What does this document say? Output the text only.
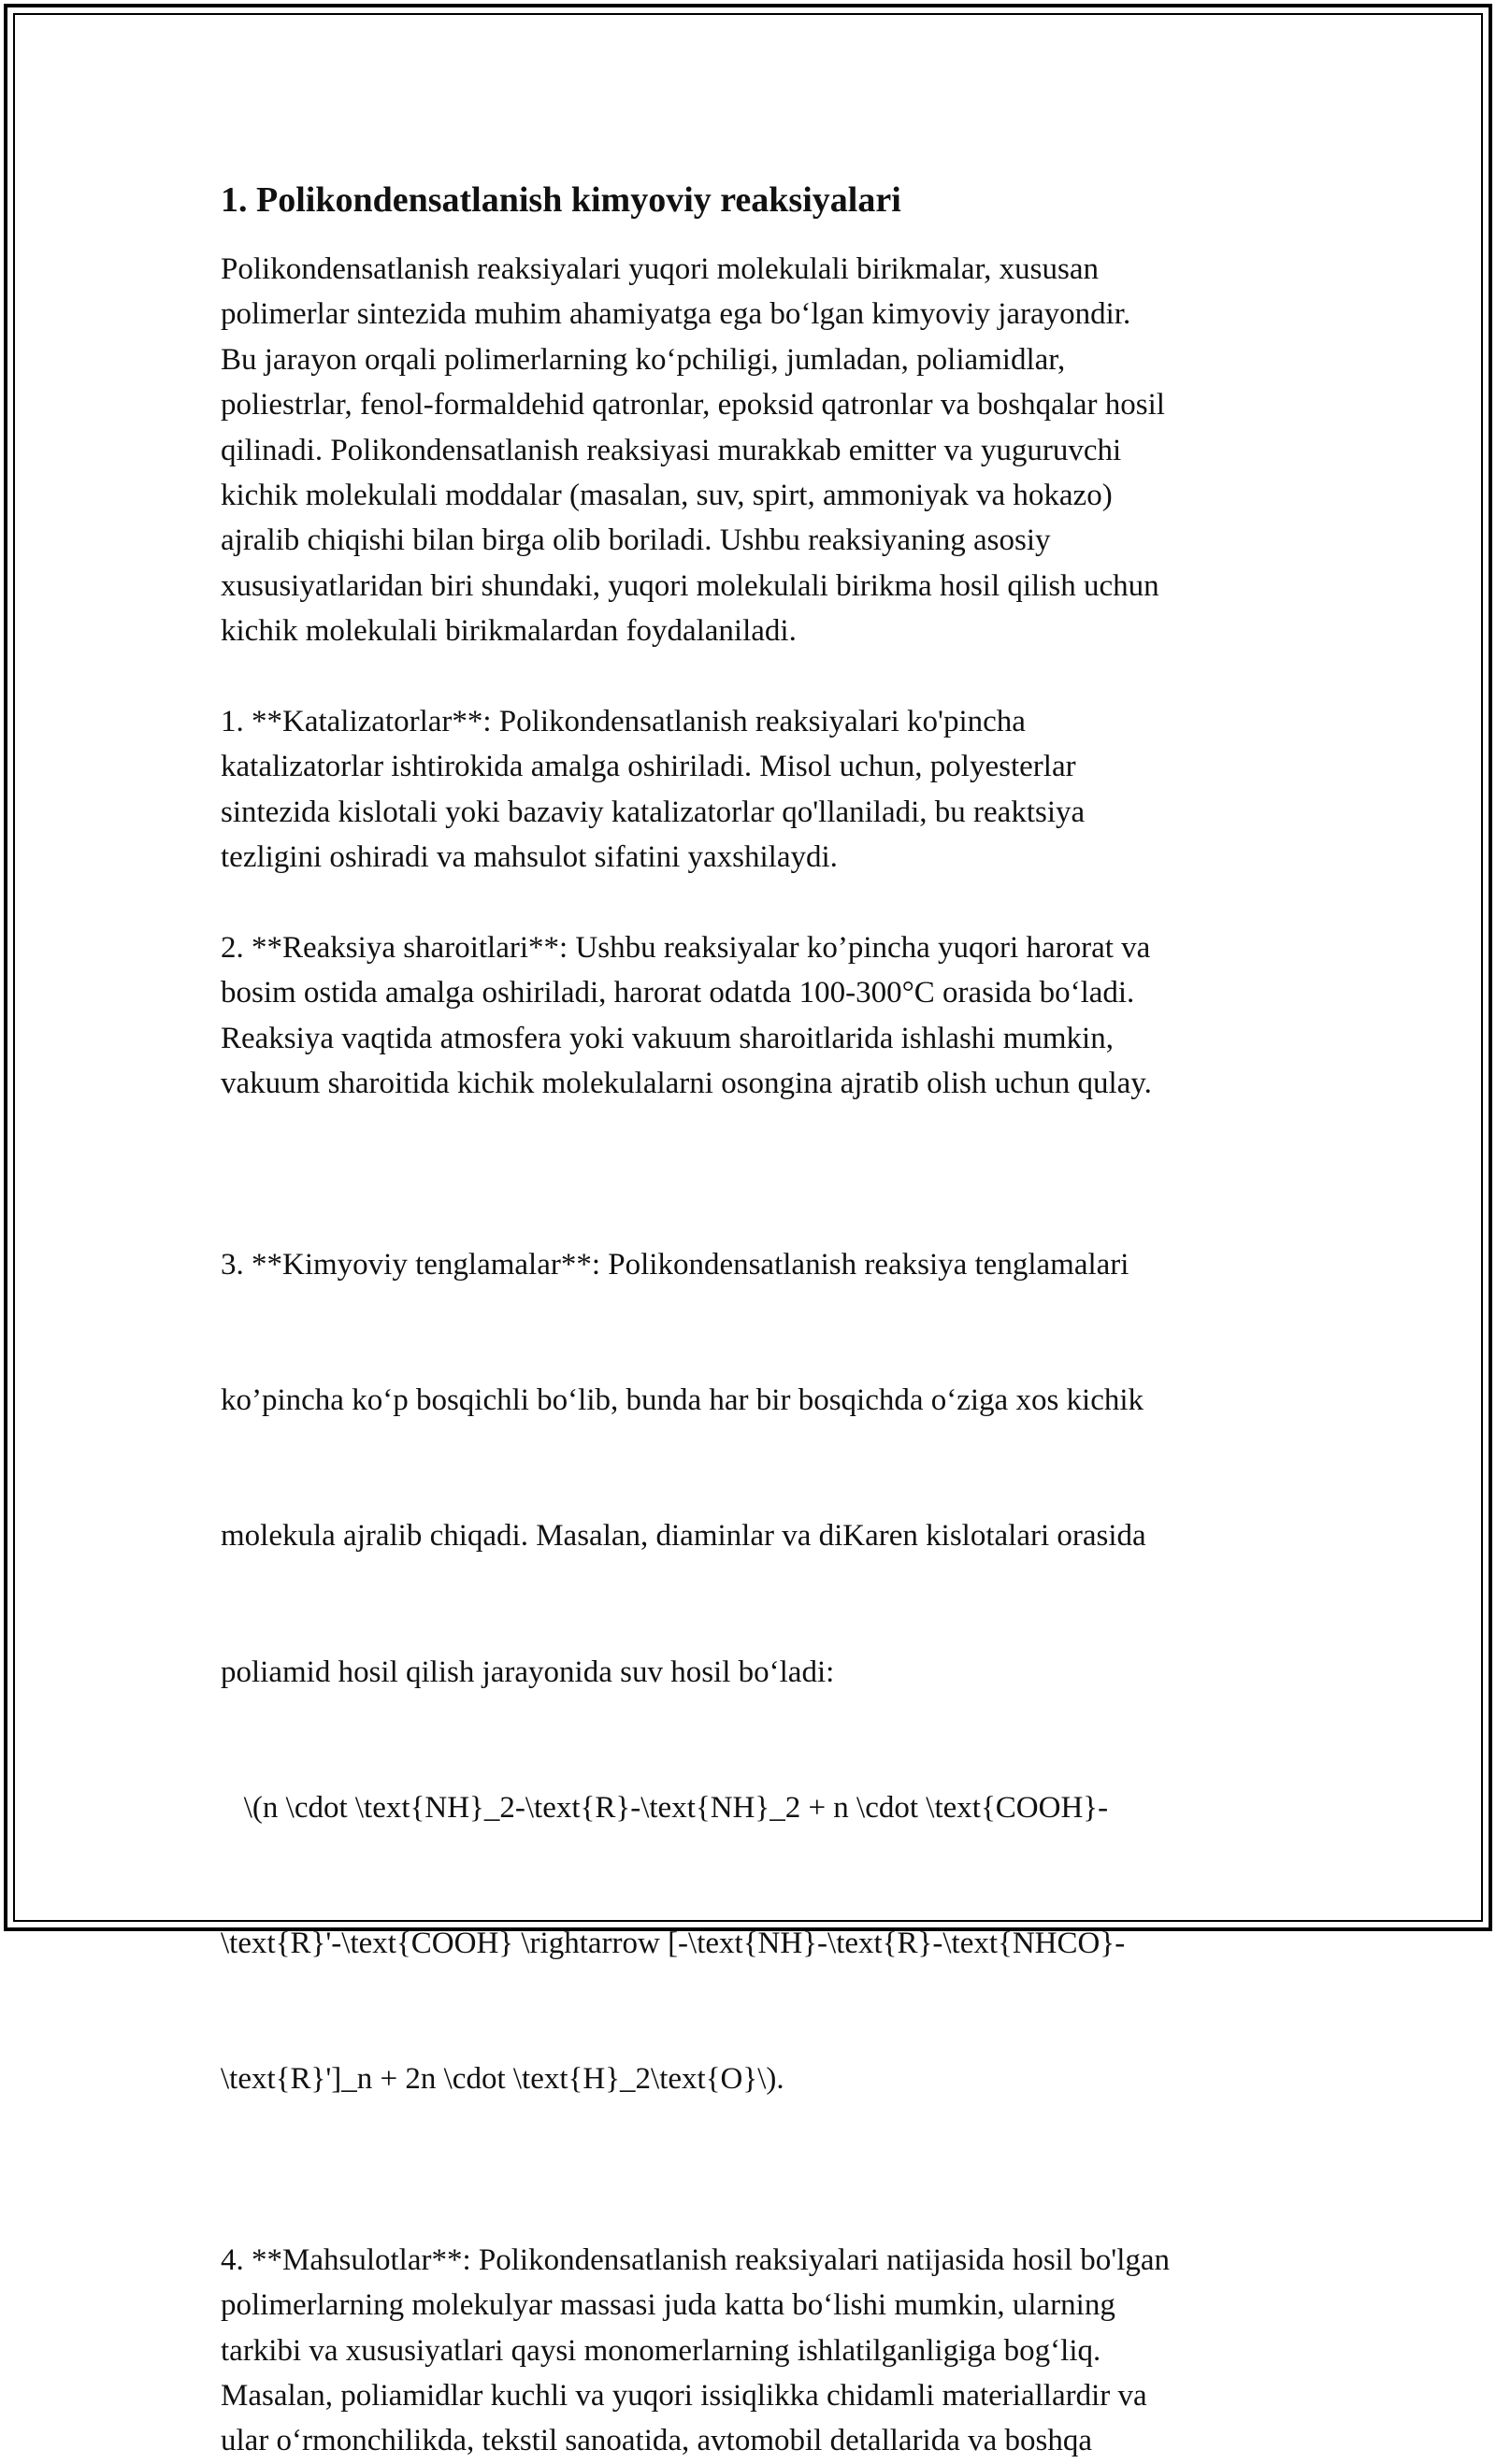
1. Polikondensatlanish kimyoviy reaksiyalari

Polikondensatlanish reaksiyalari yuqori molekulali birikmalar, xususan
polimerlar sintezida muhim ahamiyatga ega bo‘lgan kimyoviy jarayondir.
Bu jarayon orqali polimerlarning ko‘pchiligi, jumladan, poliamidlar,
poliestrlar, fenol-formaldehid qatronlar, epoksid qatronlar va boshqalar hosil
qilinadi. Polikondensatlanish reaksiyasi murakkab emitter va yuguruvchi
kichik molekulali moddalar (masalan, suv, spirt, ammoniyak va hokazo)
ajralib chiqishi bilan birga olib boriladi. Ushbu reaksiyaning asosiy
xususiyatlaridan biri shundaki, yuqori molekulali birikma hosil qilish uchun
kichik molekulali birikmalardan foydalaniladi.

1. **Katalizatorlar**: Polikondensatlanish reaksiyalari ko'pincha
katalizatorlar ishtirokida amalga oshiriladi. Misol uchun, polyesterlar
sintezida kislotali yoki bazaviy katalizatorlar qo'llaniladi, bu reaktsiya
tezligini oshiradi va mahsulot sifatini yaxshilaydi.

2. **Reaksiya sharoitlari**: Ushbu reaksiyalar ko’pincha yuqori harorat va
bosim ostida amalga oshiriladi, harorat odatda 100-300°C orasida bo‘ladi.
Reaksiya vaqtida atmosfera yoki vakuum sharoitlarida ishlashi mumkin,
vakuum sharoitida kichik molekulalarni osongina ajratib olish uchun qulay.

3. **Kimyoviy tenglamalar**: Polikondensatlanish reaksiya tenglamalari

ko’pincha ko‘p bosqichli bo‘lib, bunda har bir bosqichda o‘ziga xos kichik

molekula ajralib chiqadi. Masalan, diaminlar va diKaren kislotalari orasida

poliamid hosil qilish jarayonida suv hosil bo‘ladi:

\(n \cdot \text{NH}_2-\text{R}-\text{NH}_2 + n \cdot \text{COOH}-

\text{R}'-\text{COOH} \rightarrow [-\text{NH}-\text{R}-\text{NHCO}-

\text{R}']_n + 2n \cdot \text{H}_2\text{O}\).

4. **Mahsulotlar**: Polikondensatlanish reaksiyalari natijasida hosil bo'lgan
polimerlarning molekulyar massasi juda katta bo‘lishi mumkin, ularning
tarkibi va xususiyatlari qaysi monomerlarning ishlatilganligiga bog‘liq.
Masalan, poliamidlar kuchli va yuqori issiqlikka chidamli materiallardir va
ular o‘rmonchilikda, tekstil sanoatida, avtomobil detallarida va boshqa
